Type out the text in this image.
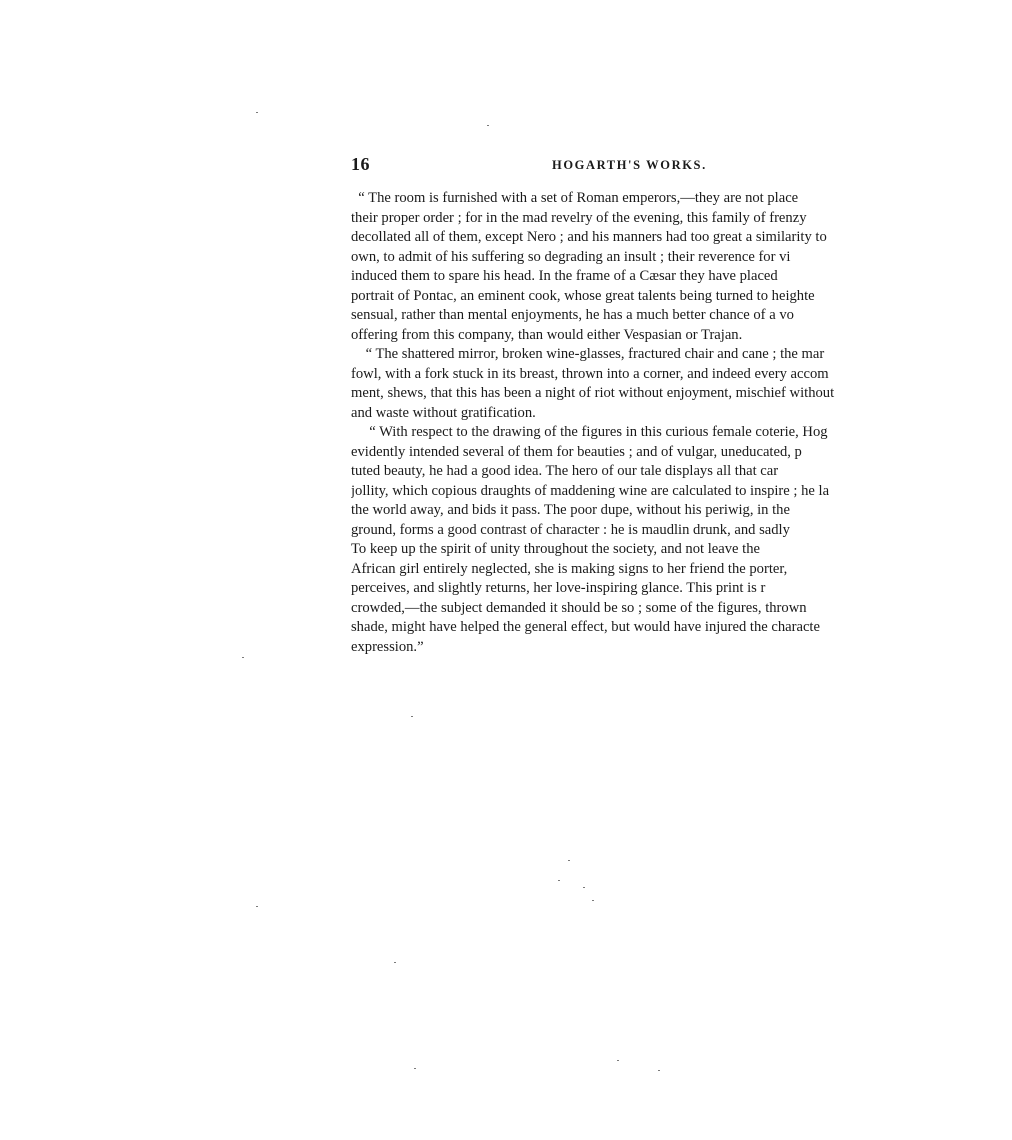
16	HOGARTH'S WORKS.
“ The room is furnished with a set of Roman emperors,—they are not place
their proper order ; for in the mad revelry of the evening, this family of frenzy
decollated all of them, except Nero ; and his manners had too great a similarity to
own, to admit of his suffering so degrading an insult ; their reverence for vi
induced them to spare his head. In the frame of a Cæsar they have placed
portrait of Pontac, an eminent cook, whose great talents being turned to heighte
sensual, rather than mental enjoyments, he has a much better chance of a vo
offering from this company, than would either Vespasian or Trajan.
“ The shattered mirror, broken wine-glasses, fractured chair and cane ; the mar
fowl, with a fork stuck in its breast, thrown into a corner, and indeed every accom
ment, shews, that this has been a night of riot without enjoyment, mischief without
and waste without gratification.
“ With respect to the drawing of the figures in this curious female coterie, Hog
evidently intended several of them for beauties ; and of vulgar, uneducated, p
tuted beauty, he had a good idea. The hero of our tale displays all that car
jollity, which copious draughts of maddening wine are calculated to inspire ; he la
the world away, and bids it pass. The poor dupe, without his periwig, in the
ground, forms a good contrast of character : he is maudlin drunk, and sadly
To keep up the spirit of unity throughout the society, and not leave the
African girl entirely neglected, she is making signs to her friend the porter,
perceives, and slightly returns, her love-inspiring glance. This print is r
crowded,—the subject demanded it should be so ; some of the figures, thrown
shade, might have helped the general effect, but would have injured the characte
expression.”
